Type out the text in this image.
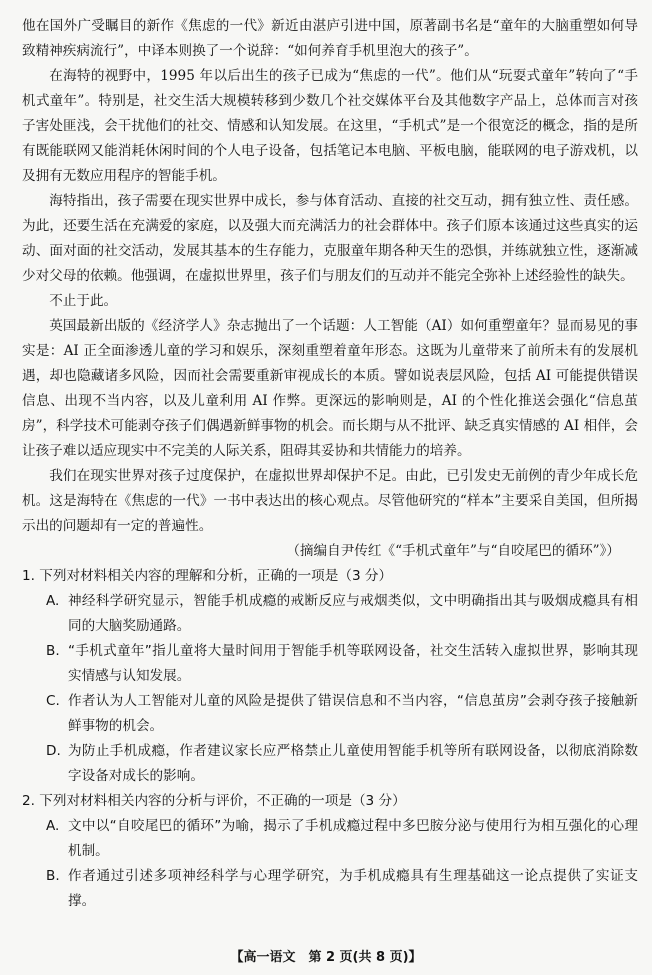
他在国外广受瞩目的新作《焦虑的一代》新近由湛庐引进中国，原著副书名是“童年的大脑重塑如何导致精神疾病流行”，中译本则换了一个说辞：“如何养育手机里泡大的孩子”。

在海特的视野中，1995 年以后出生的孩子已成为“焦虑的一代”。他们从“玩耍式童年”转向了“手机式童年”。特别是，社交生活大规模转移到少数几个社交媒体平台及其他数字产品上，总体而言对孩子害处匪浅，会干扰他们的社交、情感和认知发展。在这里，“手机式”是一个很宽泛的概念，指的是所有既能联网又能消耗休闲时间的个人电子设备，包括笔记本电脑、平板电脑，能联网的电子游戏机，以及拥有无数应用程序的智能手机。

海特指出，孩子需要在现实世界中成长，参与体育活动、直接的社交互动，拥有独立性、责任感。为此，还要生活在充满爱的家庭，以及强大而充满活力的社会群体中。孩子们原本该通过这些真实的运动、面对面的社交活动，发展其基本的生存能力，克服童年期各种天生的恐惧，并练就独立性，逐渐减少对父母的依赖。他强调，在虚拟世界里，孩子们与朋友们的互动并不能完全弥补上述经验性的缺失。

不止于此。

英国最新出版的《经济学人》杂志抛出了一个话题：人工智能（AI）如何重塑童年？显而易见的事实是：AI 正全面渗透儿童的学习和娱乐，深刻重塑着童年形态。这既为儿童带来了前所未有的发展机遇，却也隐藏诸多风险，因而社会需要重新审视成长的本质。譬如说表层风险，包括 AI 可能提供错误信息、出现不当内容，以及儿童利用 AI 作弊。更深远的影响则是，AI 的个性化推送会强化“信息茧房”，科学技术可能剥夺孩子们偶遇新鲜事物的机会。而长期与从不批评、缺乏真实情感的 AI 相伴，会让孩子难以适应现实中不完美的人际关系，阻碍其妥协和共情能力的培养。

我们在现实世界对孩子过度保护，在虚拟世界却保护不足。由此，已引发史无前例的青少年成长危机。这是海特在《焦虑的一代》一书中表达出的核心观点。尽管他研究的“样本”主要采自美国，但所揭示出的问题却有一定的普遍性。

（摘编自尹传红《“手机式童年”与“自咬尾巴的循环”》）

1. 下列对材料相关内容的理解和分析，正确的一项是（3 分）

A. 神经科学研究显示，智能手机成瘾的戒断反应与戒烟类似，文中明确指出其与吸烟成瘾具有相同的大脑奖励通路。
B. “手机式童年”指儿童将大量时间用于智能手机等联网设备，社交生活转入虚拟世界，影响其现实情感与认知发展。
C. 作者认为人工智能对儿童的风险是提供了错误信息和不当内容，“信息茧房”会剥夺孩子接触新鲜事物的机会。
D. 为防止手机成瘾，作者建议家长应严格禁止儿童使用智能手机等所有联网设备，以彻底消除数字设备对成长的影响。

2. 下列对材料相关内容的分析与评价，不正确的一项是（3 分）

A. 文中以“自咬尾巴的循环”为喻，揭示了手机成瘾过程中多巴胺分泌与使用行为相互强化的心理机制。
B. 作者通过引述多项神经科学与心理学研究，为手机成瘾具有生理基础这一论点提供了实证支撑。
【高一语文　第 2 页(共 8 页)】
